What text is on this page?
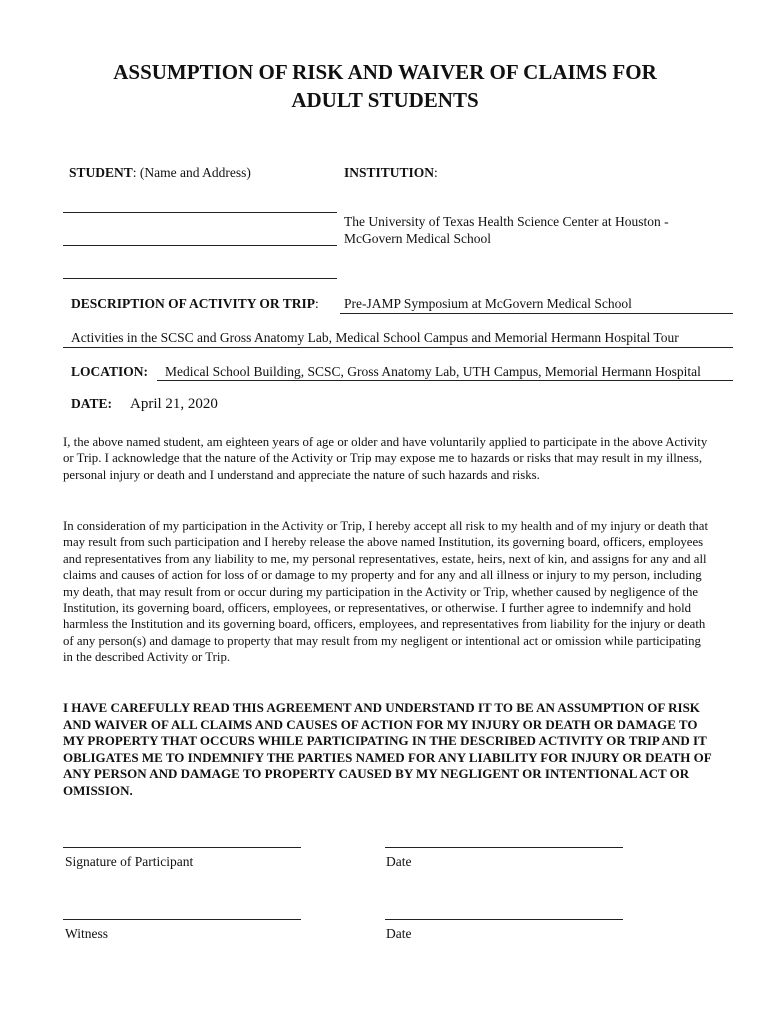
ASSUMPTION OF RISK AND WAIVER OF CLAIMS FOR
ADULT STUDENTS
STUDENT: (Name and Address)	INSTITUTION:
The University of Texas Health Science Center at Houston -
McGovern Medical School
DESCRIPTION OF ACTIVITY OR TRIP: Pre-JAMP Symposium at McGovern Medical School
Activities in the SCSC and Gross Anatomy Lab, Medical School Campus and Memorial Hermann Hospital Tour
LOCATION: Medical School Building, SCSC, Gross Anatomy Lab, UTH Campus, Memorial Hermann Hospital
DATE: April 21, 2020
I, the above named student, am eighteen years of age or older and have voluntarily applied to participate in the above Activity or Trip. I acknowledge that the nature of the Activity or Trip may expose me to hazards or risks that may result in my illness, personal injury or death and I understand and appreciate the nature of such hazards and risks.
In consideration of my participation in the Activity or Trip, I hereby accept all risk to my health and of my injury or death that may result from such participation and I hereby release the above named Institution, its governing board, officers, employees and representatives from any liability to me, my personal representatives, estate, heirs, next of kin, and assigns for any and all claims and causes of action for loss of or damage to my property and for any and all illness or injury to my person, including my death, that may result from or occur during my participation in the Activity or Trip, whether caused by negligence of the Institution, its governing board, officers, employees, or representatives, or otherwise. I further agree to indemnify and hold harmless the Institution and its governing board, officers, employees, and representatives from liability for the injury or death of any person(s) and damage to property that may result from my negligent or intentional act or omission while participating in the described Activity or Trip.
I HAVE CAREFULLY READ THIS AGREEMENT AND UNDERSTAND IT TO BE AN ASSUMPTION OF RISK AND WAIVER OF ALL CLAIMS AND CAUSES OF ACTION FOR MY INJURY OR DEATH OR DAMAGE TO MY PROPERTY THAT OCCURS WHILE PARTICIPATING IN THE DESCRIBED ACTIVITY OR TRIP AND IT OBLIGATES ME TO INDEMNIFY THE PARTIES NAMED FOR ANY LIABILITY FOR INJURY OR DEATH OF ANY PERSON AND DAMAGE TO PROPERTY CAUSED BY MY NEGLIGENT OR INTENTIONAL ACT OR OMISSION.
Signature of Participant	Date
Witness	Date
